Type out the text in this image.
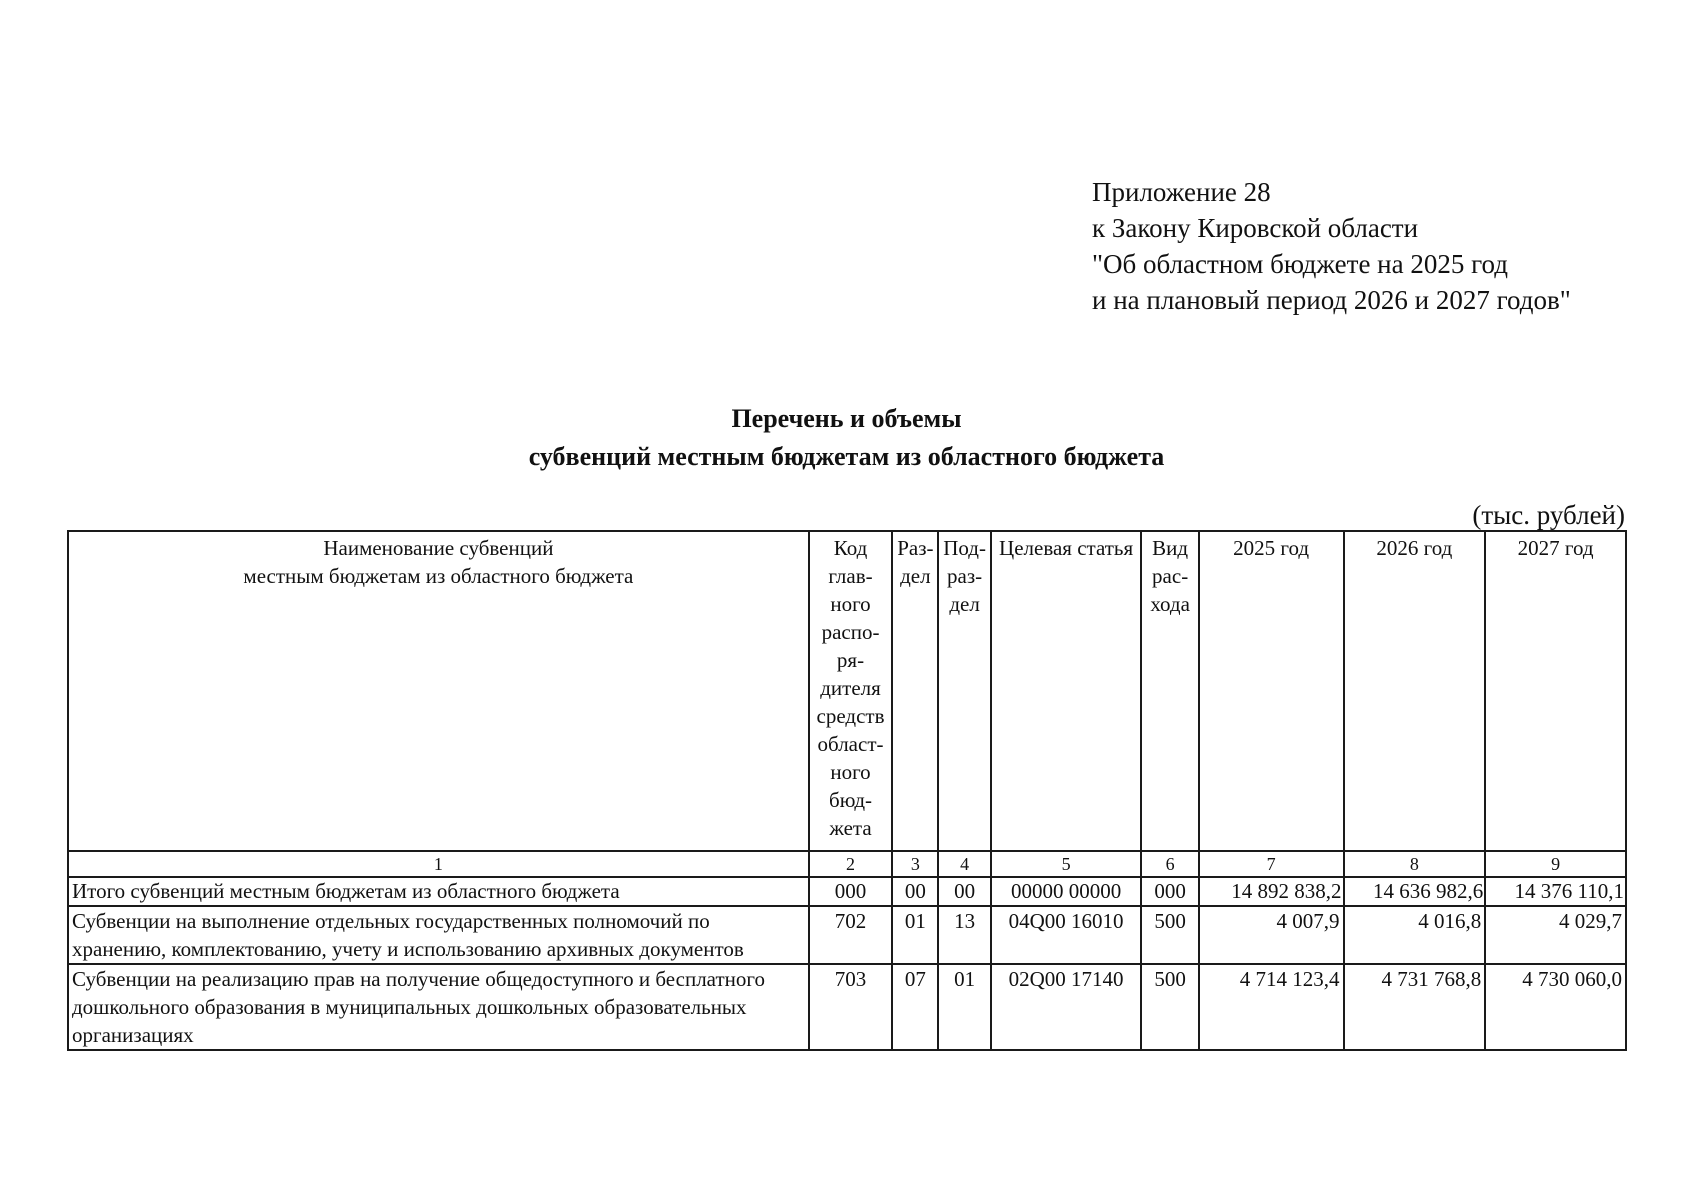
Приложение 28
к Закону Кировской области
"Об областном бюджете на 2025 год
и на плановый период 2026 и 2027 годов"
Перечень и объемы
субвенций местным бюджетам из областного бюджета
(тыс. рублей)
Наименование субвенций
местным бюджетам из областного бюджета	Код глав-ного распо-ря-дителя средств област-ного бюд-жета	Раз-дел	Под-раз-дел	Целевая статья	Вид рас-хода	2025 год	2026 год	2027 год
1	2	3	4	5	6	7	8	9
Итого субвенций местным бюджетам из областного бюджета	000	00	00	00000 00000	000	14 892 838,2	14 636 982,6	14 376 110,1
Субвенции на выполнение отдельных государственных полномочий по хранению, комплектованию, учету и использованию архивных документов	702	01	13	04Q00 16010	500	4 007,9	4 016,8	4 029,7
Субвенции на реализацию прав на получение общедоступного и бесплатного дошкольного образования в муниципальных дошкольных образовательных организациях	703	07	01	02Q00 17140	500	4 714 123,4	4 731 768,8	4 730 060,0
